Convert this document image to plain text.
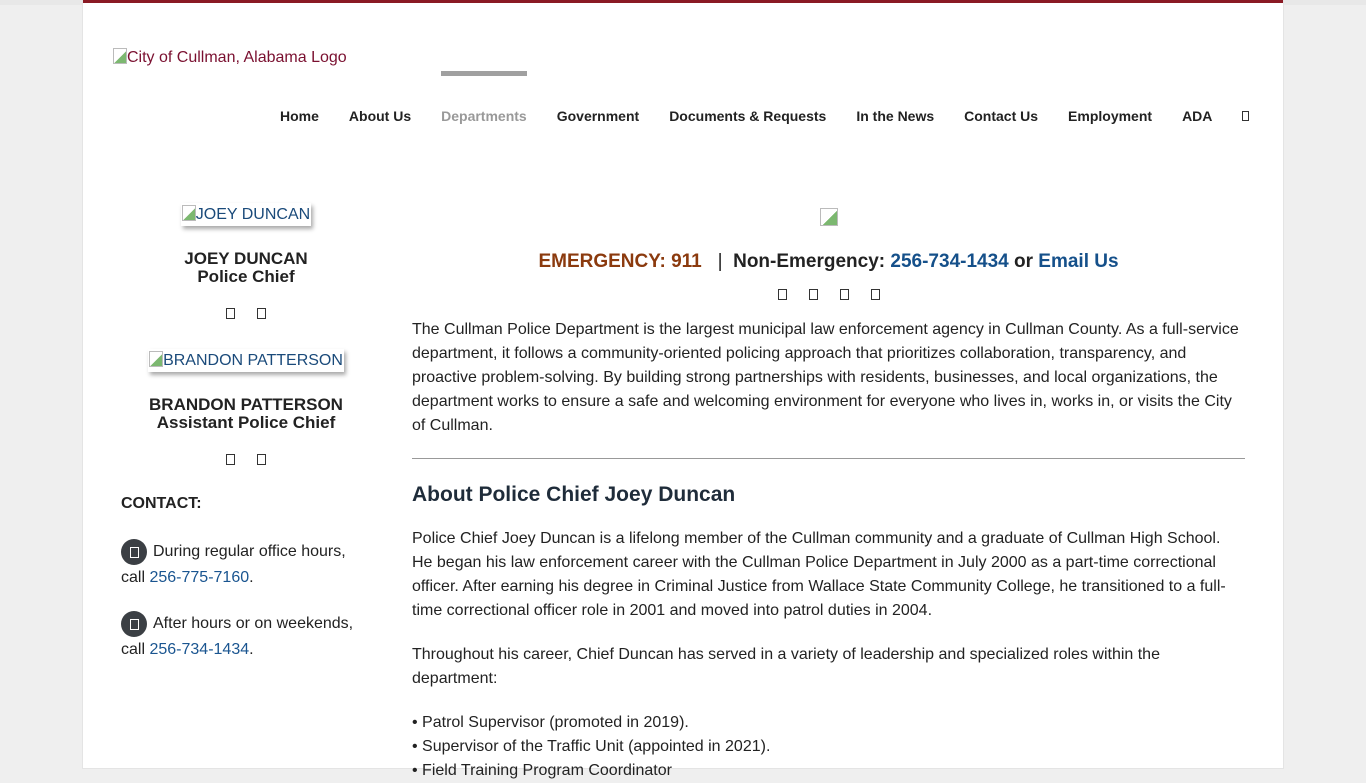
City of Cullman, Alabama Logo
Home About Us Departments Government Documents & Requests In the News Contact Us Employment ADA
JOEY DUNCAN
JOEY DUNCAN
Police Chief
BRANDON PATTERSON
BRANDON PATTERSON
Assistant Police Chief
CONTACT:

During regular office hours,
call 256-775-7160.

After hours or on weekends,
call 256-734-1434.

EMERGENCY: 911 | Non-Emergency: 256-734-1434 or Email Us

The Cullman Police Department is the largest municipal law enforcement agency in Cullman County. As a full-service department, it follows a community-oriented policing approach that prioritizes collaboration, transparency, and proactive problem-solving. By building strong partnerships with residents, businesses, and local organizations, the department works to ensure a safe and welcoming environment for everyone who lives in, works in, or visits the City of Cullman.

About Police Chief Joey Duncan

Police Chief Joey Duncan is a lifelong member of the Cullman community and a graduate of Cullman High School. He began his law enforcement career with the Cullman Police Department in July 2000 as a part-time correctional officer. After earning his degree in Criminal Justice from Wallace State Community College, he transitioned to a full-time correctional officer role in 2001 and moved into patrol duties in 2004.

Throughout his career, Chief Duncan has served in a variety of leadership and specialized roles within the department:

• Patrol Supervisor (promoted in 2019).
• Supervisor of the Traffic Unit (appointed in 2021).
• Field Training Program Coordinator
